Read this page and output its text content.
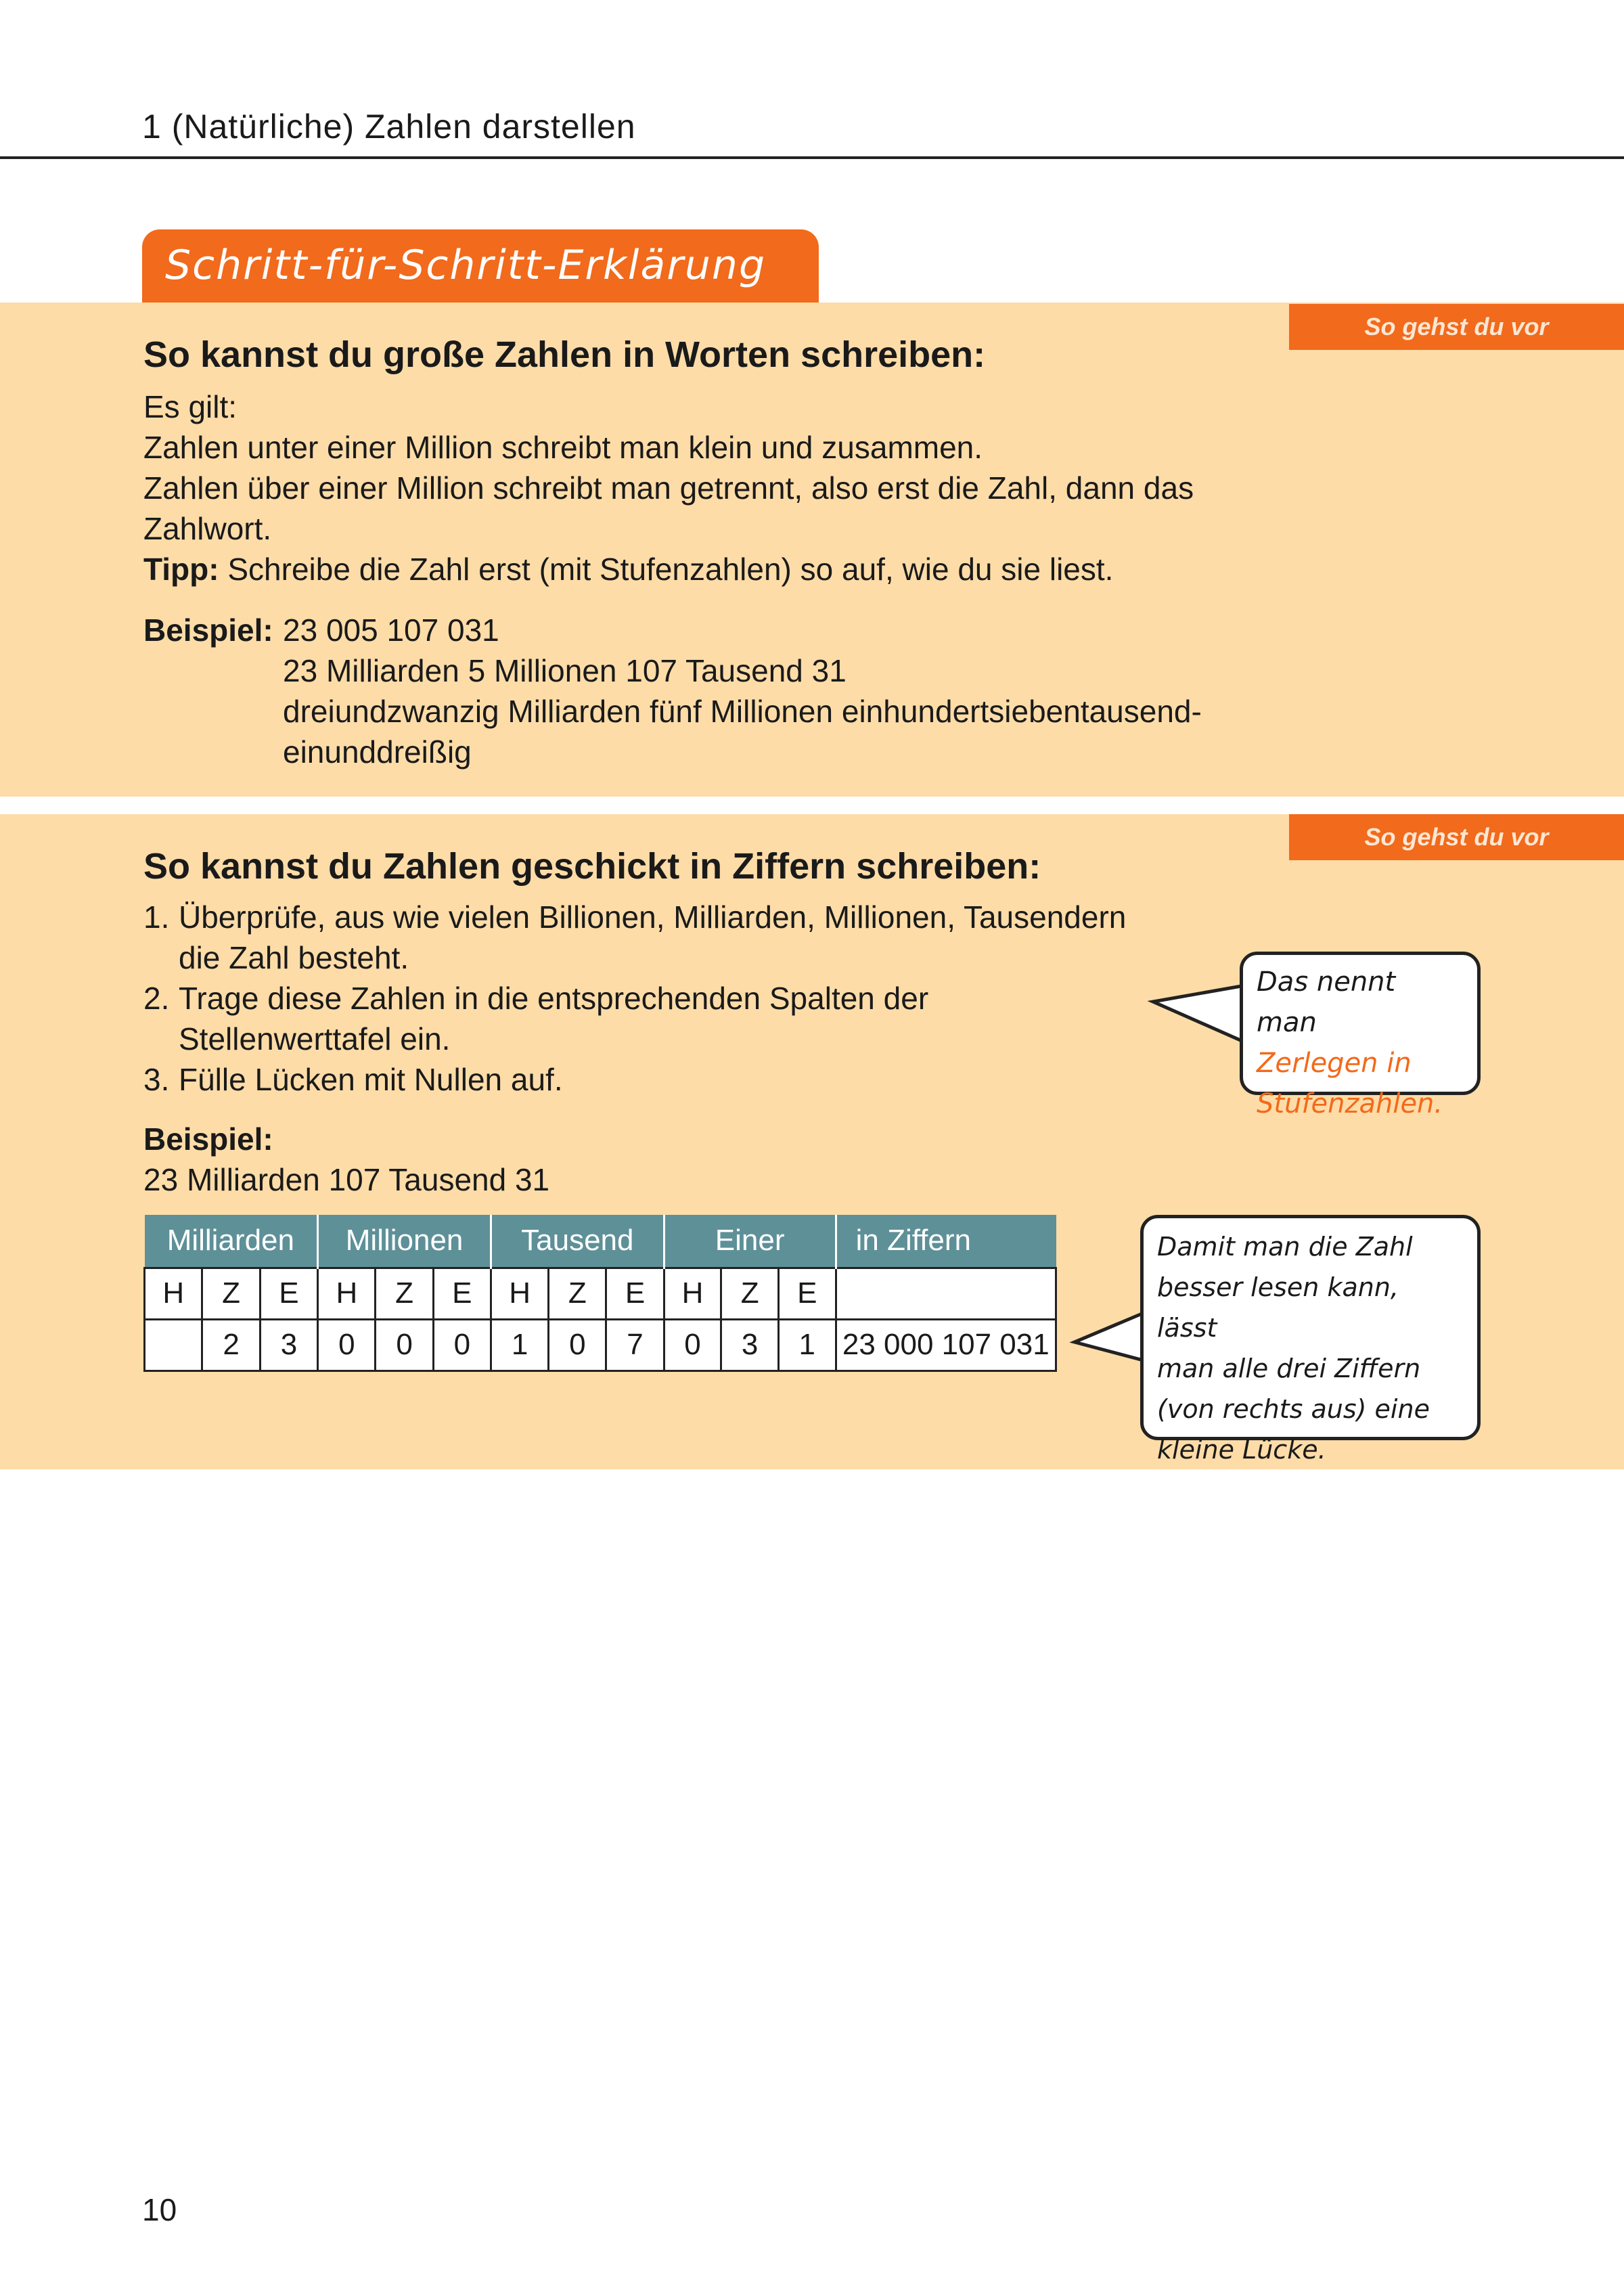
1 (Natürliche) Zahlen darstellen
Schritt-für-Schritt-Erklärung
So gehst du vor
So kannst du große Zahlen in Worten schreiben:
Es gilt:
Zahlen unter einer Million schreibt man klein und zusammen.
Zahlen über einer Million schreibt man getrennt, also erst die Zahl, dann das
Zahlwort.
Tipp: Schreibe die Zahl erst (mit Stufenzahlen) so auf, wie du sie liest.
Beispiel: 23 005 107 031
23 Milliarden 5 Millionen 107 Tausend 31
dreiundzwanzig Milliarden fünf Millionen einhundertsiebentausend-
einunddreißig
So gehst du vor
So kannst du Zahlen geschickt in Ziffern schreiben:
1. Überprüfe, aus wie vielen Billionen, Milliarden, Millionen, Tausendern
die Zahl besteht.
2. Trage diese Zahlen in die entsprechenden Spalten der
Stellenwerttafel ein.
3. Fülle Lücken mit Nullen auf.
Beispiel:
23 Milliarden 107 Tausend 31
Milliarden			Millionen			Tausend			Einer			in Ziffern
H	Z	E	H	Z	E	H	Z	E	H	Z	E	
	2	3	0	0	0	1	0	7	0	3	1	23 000 107 031
Das nennt man
Zerlegen in
Stufenzahlen.
Damit man die Zahl
besser lesen kann, lässt
man alle drei Ziffern
(von rechts aus) eine
kleine Lücke.
10
